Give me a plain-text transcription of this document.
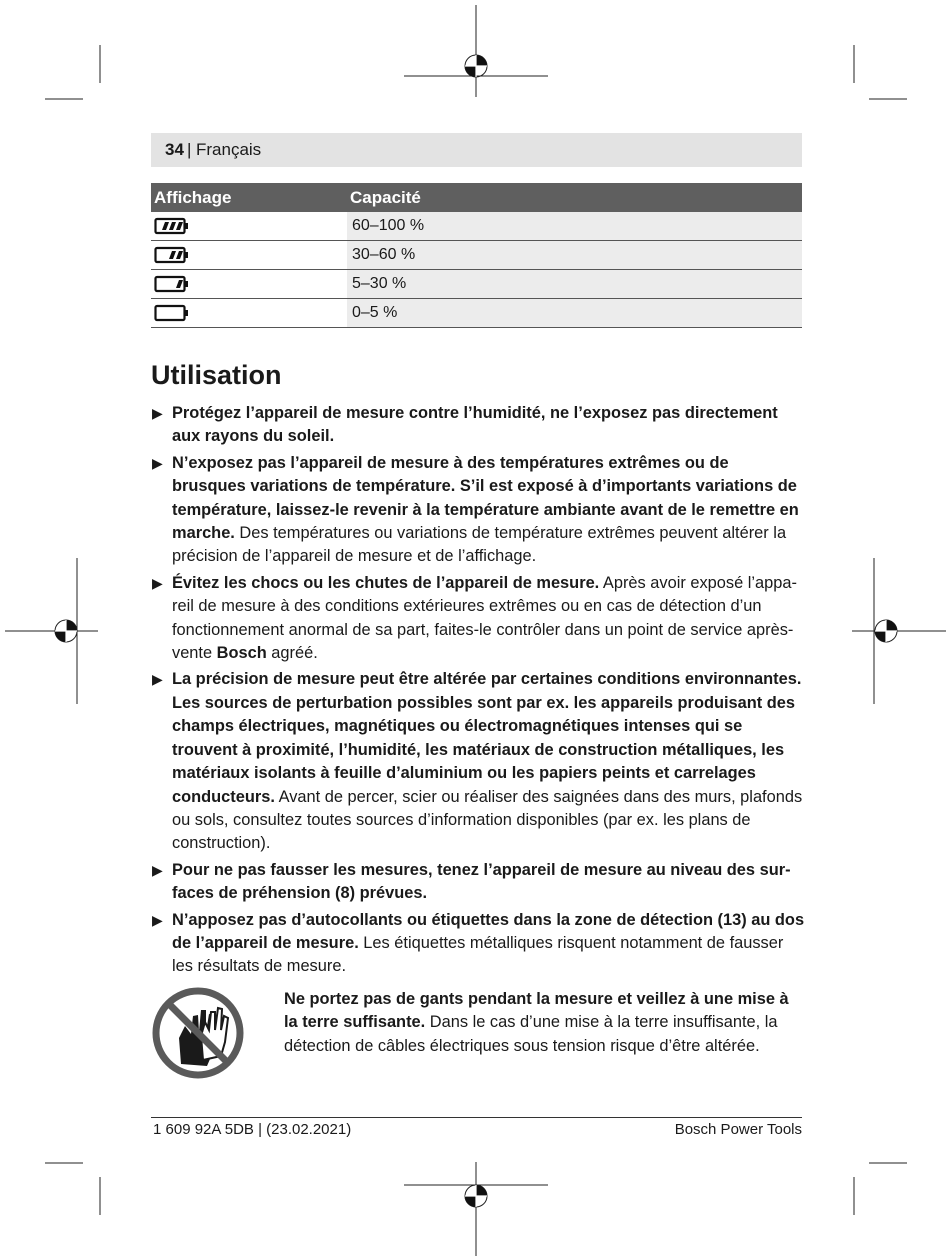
34 | Français
Affichage	Capacité

	60–100 %

	30–60 %

	5–30 %

	0–5 %
Utilisation
▶ Protégez l’appareil de mesure contre l’humidité, ne l’exposez pas directement aux rayons du soleil.
▶ N’exposez pas l’appareil de mesure à des températures extrêmes ou de brusques variations de température. S’il est exposé à d’importants variations de température, laissez-le revenir à la température ambiante avant de le remettre en marche. Des températures ou variations de température extrêmes peuvent altérer la précision de l’appareil de mesure et de l’affichage.
▶ Évitez les chocs ou les chutes de l’appareil de mesure. Après avoir exposé l’appareil de mesure à des conditions extérieures extrêmes ou en cas de détection d’un fonctionnement anormal de sa part, faites-le contrôler dans un point de service après-vente Bosch agréé.
▶ La précision de mesure peut être altérée par certaines conditions environnantes. Les sources de perturbation possibles sont par ex. les appareils produisant des champs électriques, magnétiques ou électromagnétiques intenses qui se trouvent à proximité, l’humidité, les matériaux de construction métalliques, les matériaux isolants à feuille d’aluminium ou les papiers peints et carrelages conducteurs. Avant de percer, scier ou réaliser des saignées dans des murs, plafonds ou sols, consultez toutes sources d’information disponibles (par ex. les plans de construction).
▶ Pour ne pas fausser les mesures, tenez l’appareil de mesure au niveau des surfaces de préhension (8) prévues.
▶ N’apposez pas d’autocollants ou étiquettes dans la zone de détection (13) au dos de l’appareil de mesure. Les étiquettes métalliques risquent notamment de fausser les résultats de mesure.
Ne portez pas de gants pendant la mesure et veillez à une mise à la terre suffisante. Dans le cas d’une mise à la terre insuffisante, la détection de câbles électriques sous tension risque d’être altérée.
1 609 92A 5DB | (23.02.2021)	Bosch Power Tools
